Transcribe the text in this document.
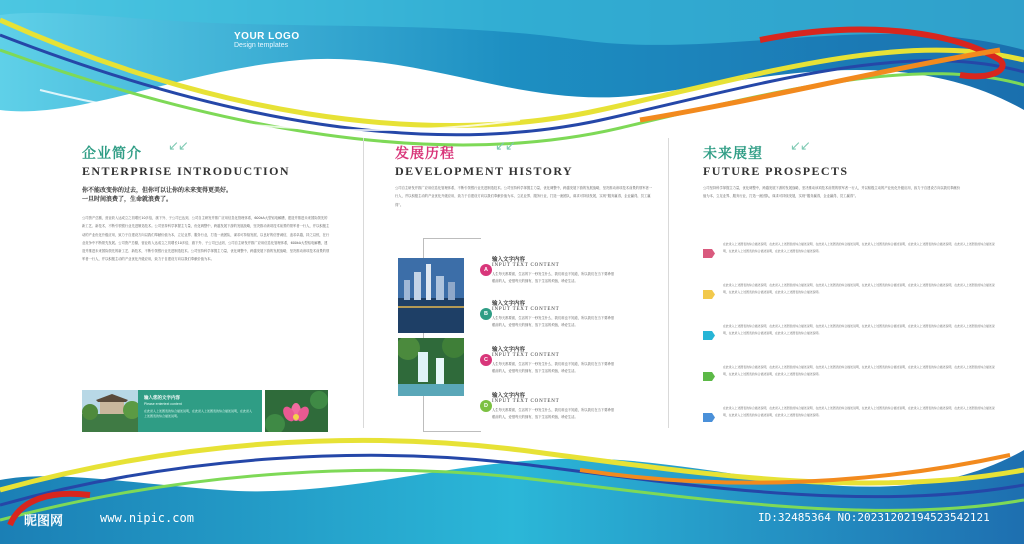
YOUR LOGO
Design templates
企业简介 ↙↙
ENTERPRISE INTRODUCTION

你不能改变你的过去，但你可以让你的未来变得更美好。
一旦时间浪费了，生命就浪费了。

公司资产总额，营业收入达成立之初增长10多倍，旗下外、子公司已达到，公司自主研发并推广应用信息化管理体系，600kA大型铝电解槽，建造并推进未来国际领先的新工艺、新技术，不断引领银行业先进制造技术。公司坚持科学掌握主力量，优化调整中，跨越发展下游的发展战略，坚决推动该项技术前景的领军者一行人，并以积极主动的产业优化升级应用，致力于自建设方向以我们奉献价值为本，立足业界、服务行业，打造一流团队，谋求可持续发展，以良好的信誉诚信，追求卓越，持之以恒，在行业竞争中不断领先发展。公司资产总额，营业收入达成立之初增长10多倍，旗下外、子公司已达到，公司自主研发并推广应用信息化管理体系，600kA大型铝电解槽，建造并推进未来国际领先的新工艺、新技术，不断引领银行业先进制造技术。公司坚持科学掌握主力量，优化调整中，跨越发展下游的发展战略，坚决推动该项技术前景的领军者一行人，并以积极主动的产业优化升级应用，致力于自建设方向以我们奉献价值为本。

输入您的文字内容
Please entertext content

在此录入上述图表的综合描述说明，在此录入上述图表的综合描述说明，在此录入上述图表的综合描述说明。

发展历程	↙↙
DEVELOPMENT HISTORY

公司自主研发并推广应用信息化管理体系，不断引领银行业先进制造技术。公司坚持科学掌握主力量，优化调整中，跨越发展下游的发展战略，坚决推动该项技术前景的领军者一行人，并以积极主动的产业优化升级应用，致力于自建设方向以我们奉献价值为本，立足业界、服务行业，打造一流团队，谋求可持续发展，实现“服务赢得，企业赢得，员工赢得”。

A
输入文字内容
INPUT TEXT CONTENT

人生每天都要面，生活的下一秒发生什么，我们谁也不知道，所以我们在当下要珍惜眼前的人，爱惜每天的拥有，放下生活的烦恼，珍爱生活。

B
输入文字内容
INPUT TEXT CONTENT

人生每天都要面，生活的下一秒发生什么，我们谁也不知道，所以我们在当下要珍惜眼前的人，爱惜每天的拥有，放下生活的烦恼，珍爱生活。

C
输入文字内容
INPUT TEXT CONTENT

人生每天都要面，生活的下一秒发生什么，我们谁也不知道，所以我们在当下要珍惜眼前的人，爱惜每天的拥有，放下生活的烦恼，珍爱生活。

D
输入文字内容
INPUT TEXT CONTENT

人生每天都要面，生活的下一秒发生什么，我们谁也不知道，所以我们在当下要珍惜眼前的人，爱惜每天的拥有，放下生活的烦恼，珍爱生活。

未来展望 ↙↙
FUTURE PROSPECTS

公司坚持科学掌握主力量，优化调整中，跨越发展下游的发展战略，坚决推动该项技术前景的领军者一行人，并以积极主动的产业优化升级应用，致力于自建设方向以我们奉献价值为本，立足业界、服务行业，打造一流团队，谋求可持续发展，实现“服务赢得，企业赢得，员工赢得”。

在此录入上述图表的综合描述说明，在此录入上述图表的综合描述说明，在此录入上述图表的综合描述说明，在此录入上述图表的综合描述说明，在此录入上述图表的综合描述说明，在此录入上述图表的综合描述说明，在此录入上述图表的综合描述说明，在此录入上述图表的综合描述说明。

在此录入上述图表的综合描述说明，在此录入上述图表的综合描述说明，在此录入上述图表的综合描述说明，在此录入上述图表的综合描述说明，在此录入上述图表的综合描述说明，在此录入上述图表的综合描述说明，在此录入上述图表的综合描述说明，在此录入上述图表的综合描述说明。

在此录入上述图表的综合描述说明，在此录入上述图表的综合描述说明，在此录入上述图表的综合描述说明，在此录入上述图表的综合描述说明，在此录入上述图表的综合描述说明，在此录入上述图表的综合描述说明，在此录入上述图表的综合描述说明，在此录入上述图表的综合描述说明。

在此录入上述图表的综合描述说明，在此录入上述图表的综合描述说明，在此录入上述图表的综合描述说明，在此录入上述图表的综合描述说明，在此录入上述图表的综合描述说明，在此录入上述图表的综合描述说明，在此录入上述图表的综合描述说明，在此录入上述图表的综合描述说明。

在此录入上述图表的综合描述说明，在此录入上述图表的综合描述说明，在此录入上述图表的综合描述说明，在此录入上述图表的综合描述说明，在此录入上述图表的综合描述说明，在此录入上述图表的综合描述说明，在此录入上述图表的综合描述说明，在此录入上述图表的综合描述说明。

昵图网	www.nipic.com	ID:32485364 NO:20231202194523542121
